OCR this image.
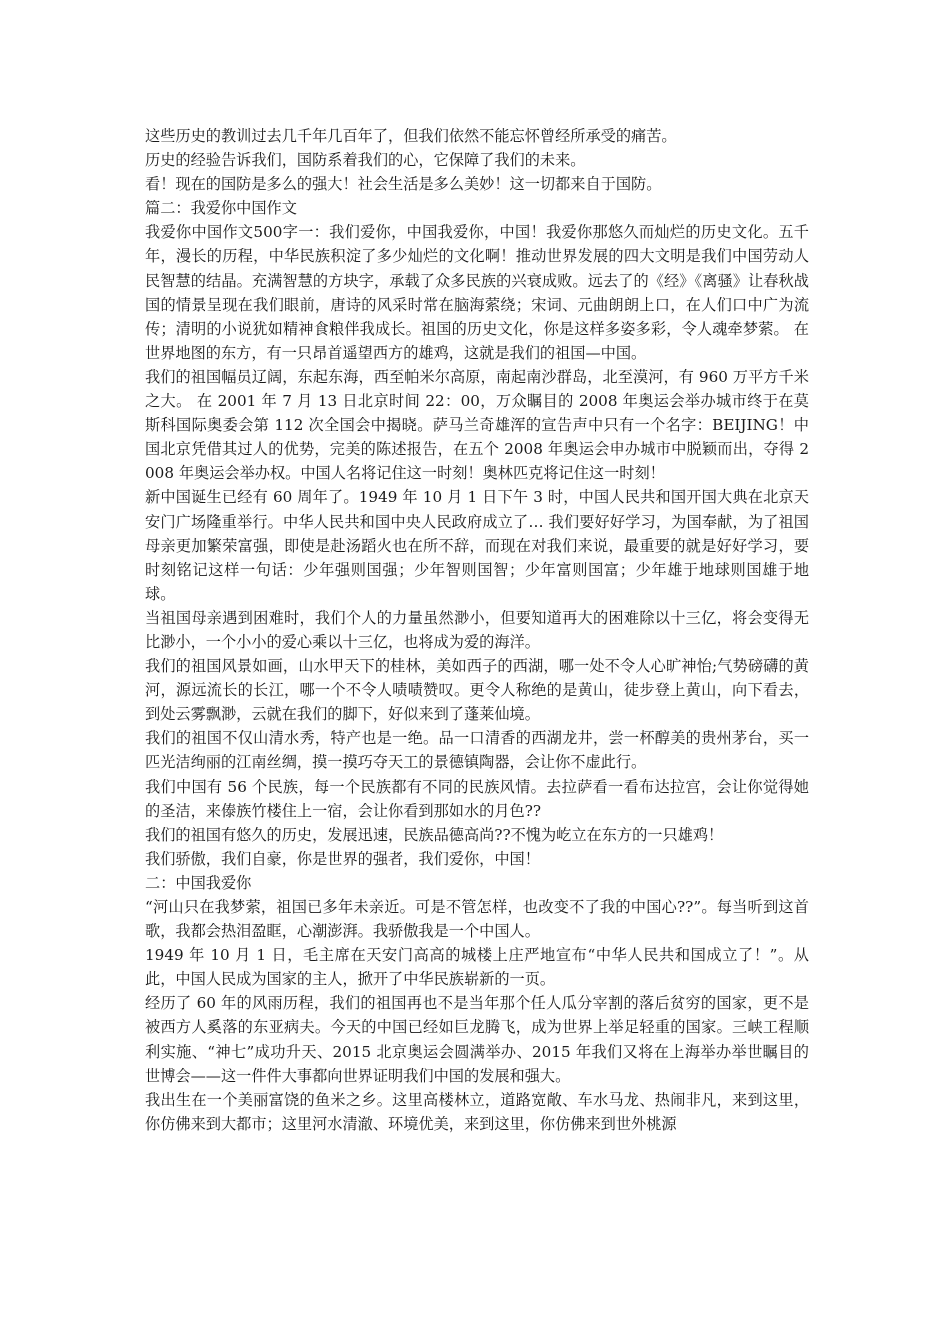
这些历史的教训过去几千年几百年了，但我们依然不能忘怀曾经所承受的痛苦。

历史的经验告诉我们，国防系着我们的心，它保障了我们的未来。

看！现在的国防是多么的强大！社会生活是多么美妙！这一切都来自于国防。

篇二：我爱你中国作文

我爱你中国作文500字一：我们爱你，中国我爱你，中国！我爱你那悠久而灿烂的历史文化。五千年，漫长的历程，中华民族积淀了多少灿烂的文化啊！推动世界发展的四大文明是我们中国劳动人民智慧的结晶。充满智慧的方块字，承载了众多民族的兴衰成败。远去了的《经》《离骚》让春秋战国的情景呈现在我们眼前，唐诗的风采时常在脑海萦绕；宋词、元曲朗朗上口，在人们口中广为流传；清明的小说犹如精神食粮伴我成长。祖国的历史文化，你是这样多姿多彩，令人魂牵梦萦。 在世界地图的东方，有一只昂首遥望西方的雄鸡，这就是我们的祖国—中国。

我们的祖国幅员辽阔，东起东海，西至帕米尔高原，南起南沙群岛，北至漠河，有 960 万平方千米之大。 在 2001 年 7 月 13 日北京时间 22：00，万众瞩目的 2008 年奥运会举办城市终于在莫斯科国际奥委会第 112 次全国会中揭晓。萨马兰奇雄浑的宣告声中只有一个名字：BEIJING！中国北京凭借其过人的优势，完美的陈述报告，在五个 2008 年奥运会申办城市中脱颖而出，夺得 2008 年奥运会举办权。中国人名将记住这一时刻！奥林匹克将记住这一时刻！

新中国诞生已经有 60 周年了。1949 年 10 月 1 日下午 3 时，中国人民共和国开国大典在北京天安门广场隆重举行。中华人民共和国中央人民政府成立了… 我们要好好学习，为国奉献，为了祖国母亲更加繁荣富强，即使是赴汤蹈火也在所不辞，而现在对我们来说，最重要的就是好好学习，要时刻铭记这样一句话：少年强则国强；少年智则国智；少年富则国富；少年雄于地球则国雄于地球。

当祖国母亲遇到困难时，我们个人的力量虽然渺小，但要知道再大的困难除以十三亿，将会变得无比渺小，一个小小的爱心乘以十三亿，也将成为爱的海洋。

我们的祖国风景如画，山水甲天下的桂林，美如西子的西湖，哪一处不令人心旷神怡;气势磅礴的黄河，源远流长的长江，哪一个不令人啧啧赞叹。更令人称绝的是黄山，徒步登上黄山，向下看去，到处云雾飘渺，云就在我们的脚下，好似来到了蓬莱仙境。

我们的祖国不仅山清水秀，特产也是一绝。品一口清香的西湖龙井，尝一杯醇美的贵州茅台，买一匹光洁绚丽的江南丝绸，摸一摸巧夺天工的景德镇陶器，会让你不虚此行。

我们中国有 56 个民族，每一个民族都有不同的民族风情。去拉萨看一看布达拉宫，会让你觉得她的圣洁，来傣族竹楼住上一宿，会让你看到那如水的月色??

我们的祖国有悠久的历史，发展迅速，民族品德高尚??不愧为屹立在东方的一只雄鸡！

我们骄傲，我们自豪，你是世界的强者，我们爱你，中国！

二：中国我爱你

“河山只在我梦萦，祖国已多年未亲近。可是不管怎样，也改变不了我的中国心??”。每当听到这首歌，我都会热泪盈眶，心潮澎湃。我骄傲我是一个中国人。

1949 年 10 月 1 日，毛主席在天安门高高的城楼上庄严地宣布“中华人民共和国成立了！”。从此，中国人民成为国家的主人，掀开了中华民族崭新的一页。

经历了 60 年的风雨历程，我们的祖国再也不是当年那个任人瓜分宰割的落后贫穷的国家，更不是被西方人奚落的东亚病夫。今天的中国已经如巨龙腾飞，成为世界上举足轻重的国家。三峡工程顺利实施、“神七”成功升天、2015 北京奥运会圆满举办、2015 年我们又将在上海举办举世瞩目的世博会——这一件件大事都向世界证明我们中国的发展和强大。

我出生在一个美丽富饶的鱼米之乡。这里高楼林立，道路宽敞、车水马龙、热闹非凡，来到这里，你仿佛来到大都市；这里河水清澈、环境优美，来到这里，你仿佛来到世外桃源
